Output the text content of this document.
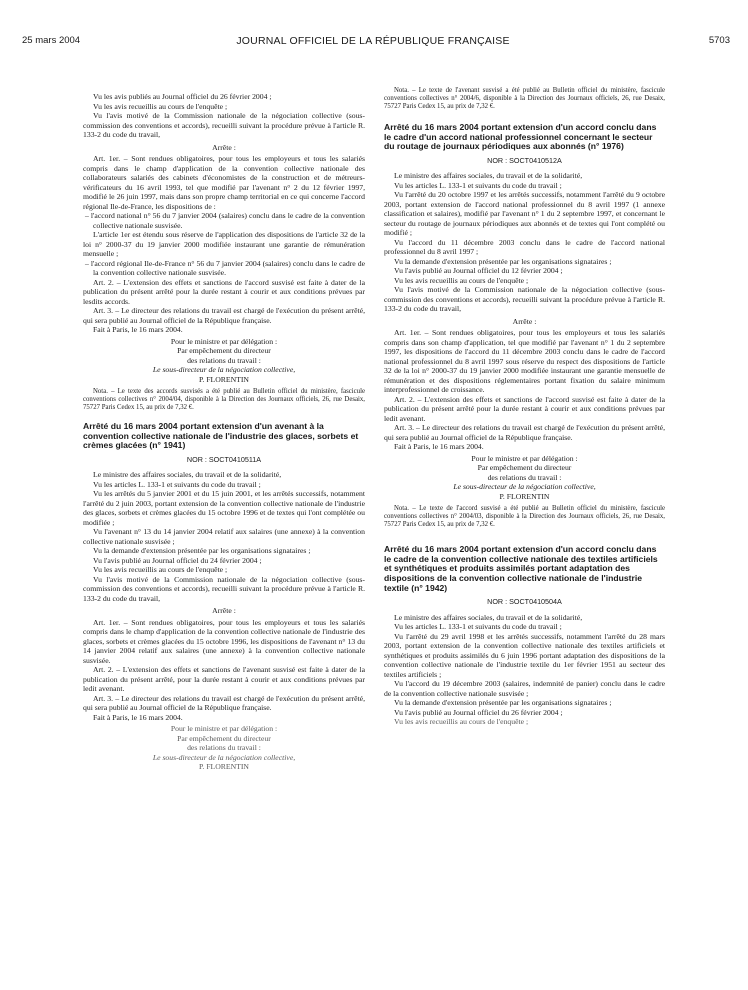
25 mars 2004	JOURNAL OFFICIEL DE LA RÉPUBLIQUE FRANÇAISE	5703

Vu les avis publiés au Journal officiel du 26 février 2004 ;

Vu les avis recueillis au cours de l'enquête ;

Vu l'avis motivé de la Commission nationale de la négociation collective (sous-commission des conventions et accords), recueilli suivant la procédure prévue à l'article R. 133-2 du code du travail,

Arrête :

Art. 1er. – Sont rendues obligatoires, pour tous les employeurs et tous les salariés compris dans le champ d'application de la convention collective nationale des collaborateurs salariés des cabinets d'économistes de la construction et de métreurs-vérificateurs du 16 avril 1993, tel que modifié par l'avenant n° 2 du 12 février 1997, modifié le 26 juin 1997, mais dans son propre champ territorial en ce qui concerne l'accord régional Ile-de-France, les dispositions de :

– l'accord national n° 56 du 7 janvier 2004 (salaires) conclu dans le cadre de la convention collective nationale susvisée.

L'article 1er est étendu sous réserve de l'application des dispositions de l'article 32 de la loi n° 2000-37 du 19 janvier 2000 modifiée instaurant une garantie de rémunération mensuelle ;

– l'accord régional Ile-de-France n° 56 du 7 janvier 2004 (salaires) conclu dans le cadre de la convention collective nationale susvisée.

Art. 2. – L'extension des effets et sanctions de l'accord susvisé est faite à dater de la publication du présent arrêté pour la durée restant à courir et aux conditions prévues par lesdits accords.

Art. 3. – Le directeur des relations du travail est chargé de l'exécution du présent arrêté, qui sera publié au Journal officiel de la République française.

Fait à Paris, le 16 mars 2004.

Pour le ministre et par délégation :

Par empêchement du directeur

des relations du travail :

Le sous-directeur de la négociation collective,

P. FLORENTIN

Nota. – Le texte des accords susvisés a été publié au Bulletin officiel du ministère, fascicule conventions collectives n° 2004/04, disponible à la Direction des Journaux officiels, 26, rue Desaix, 75727 Paris Cedex 15, au prix de 7,32 €.

Arrêté du 16 mars 2004 portant extension d'un avenant à la convention collective nationale de l'industrie des glaces, sorbets et crèmes glacées (n° 1941)

NOR : SOCT0410511A

Le ministre des affaires sociales, du travail et de la solidarité,

Vu les articles L. 133-1 et suivants du code du travail ;

Vu les arrêtés du 5 janvier 2001 et du 15 juin 2001, et les arrêtés successifs, notamment l'arrêté du 2 juin 2003, portant extension de la convention collective nationale de l'industrie des glaces, sorbets et crèmes glacées du 15 octobre 1996 et de textes qui l'ont complétée ou modifiée ;

Vu l'avenant n° 13 du 14 janvier 2004 relatif aux salaires (une annexe) à la convention collective nationale susvisée ;

Vu la demande d'extension présentée par les organisations signataires ;

Vu l'avis publié au Journal officiel du 24 février 2004 ;

Vu les avis recueillis au cours de l'enquête ;

Vu l'avis motivé de la Commission nationale de la négociation collective (sous-commission des conventions et accords), recueilli suivant la procédure prévue à l'article R. 133-2 du code du travail,

Arrête :

Art. 1er. – Sont rendues obligatoires, pour tous les employeurs et tous les salariés compris dans le champ d'application de la convention collective nationale de l'industrie des glaces, sorbets et crèmes glacées du 15 octobre 1996, les dispositions de l'avenant n° 13 du 14 janvier 2004 relatif aux salaires (une annexe) à la convention collective nationale susvisée.

Art. 2. – L'extension des effets et sanctions de l'avenant susvisé est faite à dater de la publication du présent arrêté, pour la durée restant à courir et aux conditions prévues par ledit avenant.

Art. 3. – Le directeur des relations du travail est chargé de l'exécution du présent arrêté, qui sera publié au Journal officiel de la République française.

Fait à Paris, le 16 mars 2004.

Pour le ministre et par délégation :

Par empêchement du directeur

des relations du travail :

Le sous-directeur de la négociation collective,

P. FLORENTIN

Nota. – Le texte de l'avenant susvisé a été publié au Bulletin officiel du ministère, fascicule conventions collectives n° 2004/6, disponible à la Direction des Journaux officiels, 26, rue Desaix, 75727 Paris Cedex 15, au prix de 7,32 €.

Arrêté du 16 mars 2004 portant extension d'un accord conclu dans le cadre d'un accord national professionnel concernant le secteur du routage de journaux périodiques aux abonnés (n° 1976)

NOR : SOCT0410512A

Le ministre des affaires sociales, du travail et de la solidarité,

Vu les articles L. 133-1 et suivants du code du travail ;

Vu l'arrêté du 20 octobre 1997 et les arrêtés successifs, notamment l'arrêté du 9 octobre 2003, portant extension de l'accord national professionnel du 8 avril 1997 (1 annexe classification et salaires), modifié par l'avenant n° 1 du 2 septembre 1997, et concernant le secteur du routage de journaux périodiques aux abonnés et de textes qui l'ont complété ou modifié ;

Vu l'accord du 11 décembre 2003 conclu dans le cadre de l'accord national professionnel du 8 avril 1997 ;

Vu la demande d'extension présentée par les organisations signataires ;

Vu l'avis publié au Journal officiel du 12 février 2004 ;

Vu les avis recueillis au cours de l'enquête ;

Vu l'avis motivé de la Commission nationale de la négociation collective (sous-commission des conventions et accords), recueilli suivant la procédure prévue à l'article R. 133-2 du code du travail,

Arrête :

Art. 1er. – Sont rendues obligatoires, pour tous les employeurs et tous les salariés compris dans son champ d'application, tel que modifié par l'avenant n° 1 du 2 septembre 1997, les dispositions de l'accord du 11 décembre 2003 conclu dans le cadre de l'accord national professionnel du 8 avril 1997 sous réserve du respect des dispositions de l'article 32 de la loi n° 2000-37 du 19 janvier 2000 modifiée instaurant une garantie mensuelle de rémunération et des dispositions réglementaires portant fixation du salaire minimum interprofessionnel de croissance.

Art. 2. – L'extension des effets et sanctions de l'accord susvisé est faite à dater de la publication du présent arrêté pour la durée restant à courir et aux conditions prévues par ledit avenant.

Art. 3. – Le directeur des relations du travail est chargé de l'exécution du présent arrêté, qui sera publié au Journal officiel de la République française.

Fait à Paris, le 16 mars 2004.

Pour le ministre et par délégation :

Par empêchement du directeur

des relations du travail :

Le sous-directeur de la négociation collective,

P. FLORENTIN

Nota. – Le texte de l'accord susvisé a été publié au Bulletin officiel du ministère, fascicule conventions collectives n° 2004/03, disponible à la Direction des Journaux officiels, 26, rue Desaix, 75727 Paris Cedex 15, au prix de 7,32 €.

Arrêté du 16 mars 2004 portant extension d'un accord conclu dans le cadre de la convention collective nationale des textiles artificiels et synthétiques et produits assimilés portant adaptation des dispositions de la convention collective nationale de l'industrie textile (n° 1942)

NOR : SOCT0410504A

Le ministre des affaires sociales, du travail et de la solidarité,

Vu les articles L. 133-1 et suivants du code du travail ;

Vu l'arrêté du 29 avril 1998 et les arrêtés successifs, notamment l'arrêté du 28 mars 2003, portant extension de la convention collective nationale des textiles artificiels et synthétiques et produits assimilés du 6 juin 1996 portant adaptation des dispositions de la convention collective nationale de l'industrie textile du 1er février 1951 au secteur des textiles artificiels ;

Vu l'accord du 19 décembre 2003 (salaires, indemnité de panier) conclu dans le cadre de la convention collective nationale susvisée ;

Vu la demande d'extension présentée par les organisations signataires ;

Vu l'avis publié au Journal officiel du 26 février 2004 ;

Vu les avis recueillis au cours de l'enquête ;
